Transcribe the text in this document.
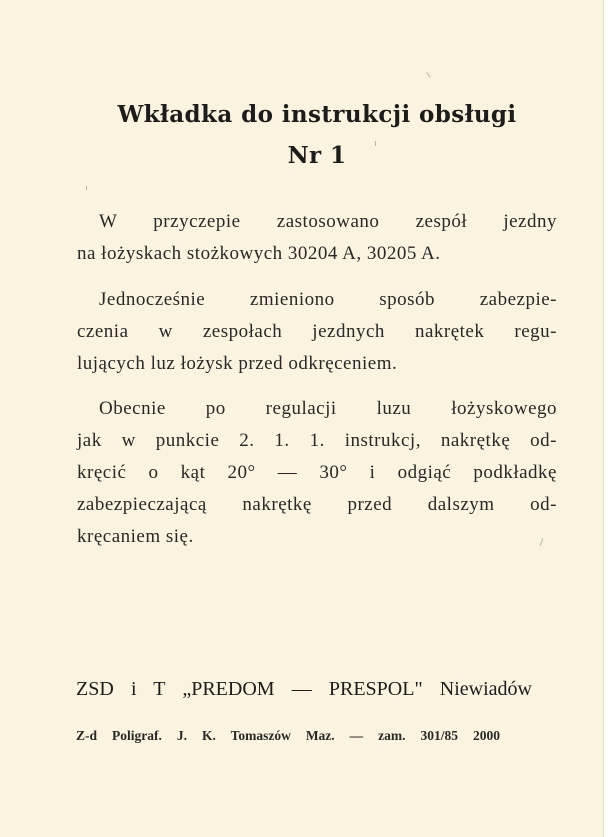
Wkładka do instrukcji obsługi
Nr 1
W przyczepie zastosowano zespół jezdny
na łożyskach stożkowych 30204 A, 30205 A.
Jednocześnie zmieniono sposób zabezpie-
czenia w zespołach jezdnych nakrętek regu-
lujących luz łożysk przed odkręceniem.
Obecnie po regulacji luzu łożyskowego
jak w punkcie 2. 1. 1. instrukcj, nakrętkę od-
kręcić o kąt 20° — 30° i odgiąć podkładkę
zabezpieczającą nakrętkę przed dalszym od-
kręcaniem się.
ZSD i T „PREDOM — PRESPOL" Niewiadów
Z-d Poligraf. J. K. Tomaszów Maz. — zam. 301/85 2000
